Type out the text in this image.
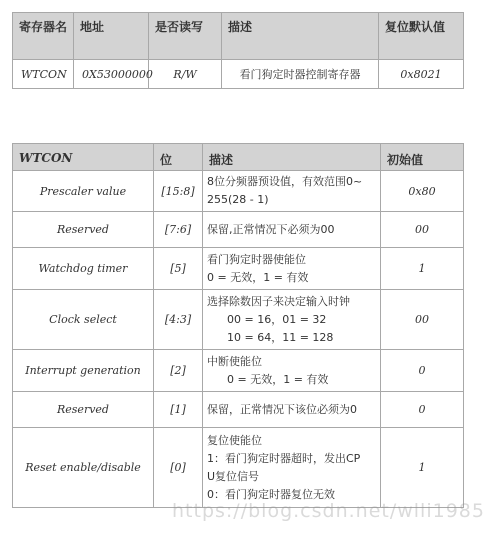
寄存器名	地址	是否读写	描述	复位默认值
WTCON	0X53000000	R/W	看门狗定时器控制寄存器	0x8021
WTCON	位	描述	初始值
Prescaler value	[15:8]	8位分频器预设值，有效范围0~
255(28 - 1)	0x80
Reserved	[7:6]	保留,正常情况下必须为00	00
Watchdog timer	[5]	看门狗定时器使能位
0 = 无效，1 = 有效	1
Clock select	[4:3]	选择除数因子来决定输入时钟
00 = 16，01 = 32
10 = 64，11 = 128	00
Interrupt generation	[2]	中断使能位
0 = 无效，1 = 有效	0
Reserved	[1]	保留，正常情况下该位必须为0	0
Reset enable/disable	[0]	复位使能位
1：看门狗定时器超时，发出CP
U复位信号
0：看门狗定时器复位无效	1
https://blog.csdn.net/wlli1985
